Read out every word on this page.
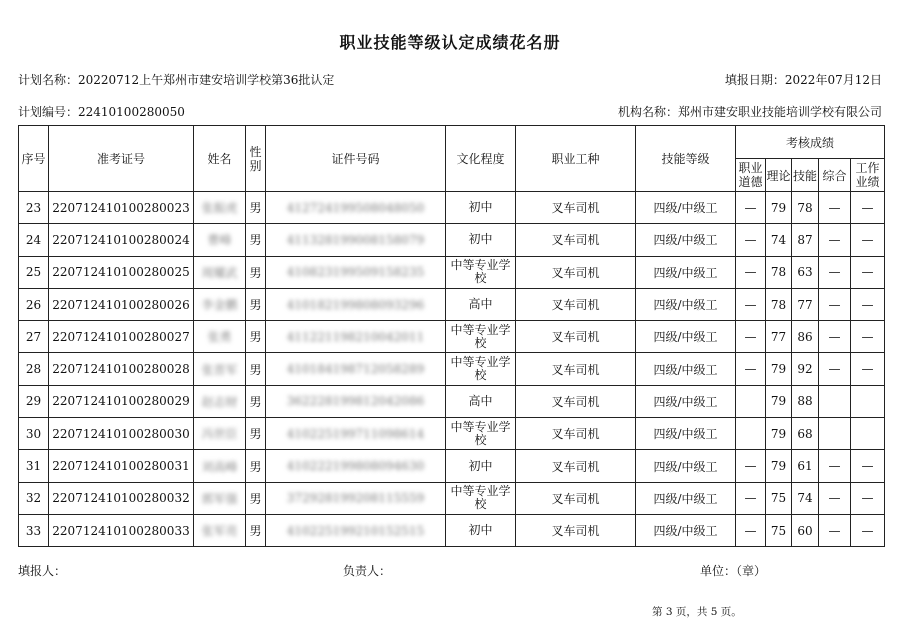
职业技能等级认定成绩花名册
计划名称：20220712上午郑州市建安培训学校第36批认定	填报日期：2022年07月12日
计划编号：22410100280050	机构名称：郑州市建安职业技能培训学校有限公司
序号	准考证号	姓名	性别	证件号码	文化程度	职业工种	技能等级	考核成绩				
								职业道德	理论	技能	综合	工作业绩
23	220712410100280023	张振虎	男	412724199508048050	初中	叉车司机	四级/中级工	—	79	78	—	—
24	220712410100280024	曹峰	男	411328199008158079	初中	叉车司机	四级/中级工	—	74	87	—	—
25	220712410100280025	周耀武	男	410823199509158235	中等专业学校	叉车司机	四级/中级工	—	78	63	—	—
26	220712410100280026	李金鹏	男	410182199808093296	高中	叉车司机	四级/中级工	—	78	77	—	—
27	220712410100280027	张勇	男	411221198210042011	中等专业学校	叉车司机	四级/中级工	—	77	86	—	—
28	220712410100280028	张晋军	男	410184198712058289	中等专业学校	叉车司机	四级/中级工	—	79	92	—	—
29	220712410100280029	赵志财	男	362228199812042086	高中	叉车司机	四级/中级工		79	88		
30	220712410100280030	冯世臣	男	410225199711098614	中等专业学校	叉车司机	四级/中级工		79	68		
31	220712410100280031	刘高峰	男	410222199808094630	初中	叉车司机	四级/中级工	—	79	61	—	—
32	220712410100280032	郭军强	男	372928199208115559	中等专业学校	叉车司机	四级/中级工	—	75	74	—	—
33	220712410100280033	张军亮	男	410225199210152515	初中	叉车司机	四级/中级工	—	75	60	—	—
填报人：	负责人：	单位：（章）
第 3 页，共 5 页。
